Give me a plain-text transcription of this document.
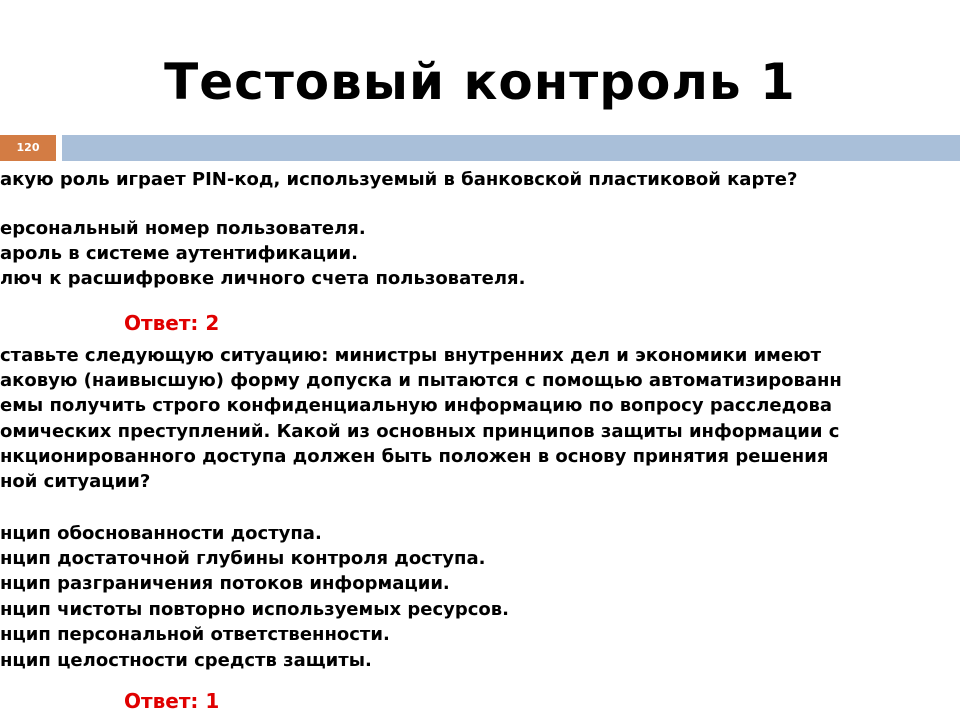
Тестовый контроль 1
120
акую роль играет PIN-код, используемый в банковской пластиковой карте?
ерсональный номер пользователя.
ароль в системе аутентификации.
люч к расшифровке личного счета пользователя.
Ответ: 2
ставьте следующую ситуацию: министры внутренних дел и экономики имеют
аковую (наивысшую) форму допуска и пытаются с помощью автоматизированн
емы получить строго конфиденциальную информацию по вопросу расследова
омических преступлений. Какой из основных принципов защиты информации с
нкционированного доступа должен быть положен в основу принятия решения
ной ситуации?
нцип обоснованности доступа.
нцип достаточной глубины контроля доступа.
нцип разграничения потоков информации.
нцип чистоты повторно используемых ресурсов.
нцип персональной ответственности.
нцип целостности средств защиты.
Ответ: 1
